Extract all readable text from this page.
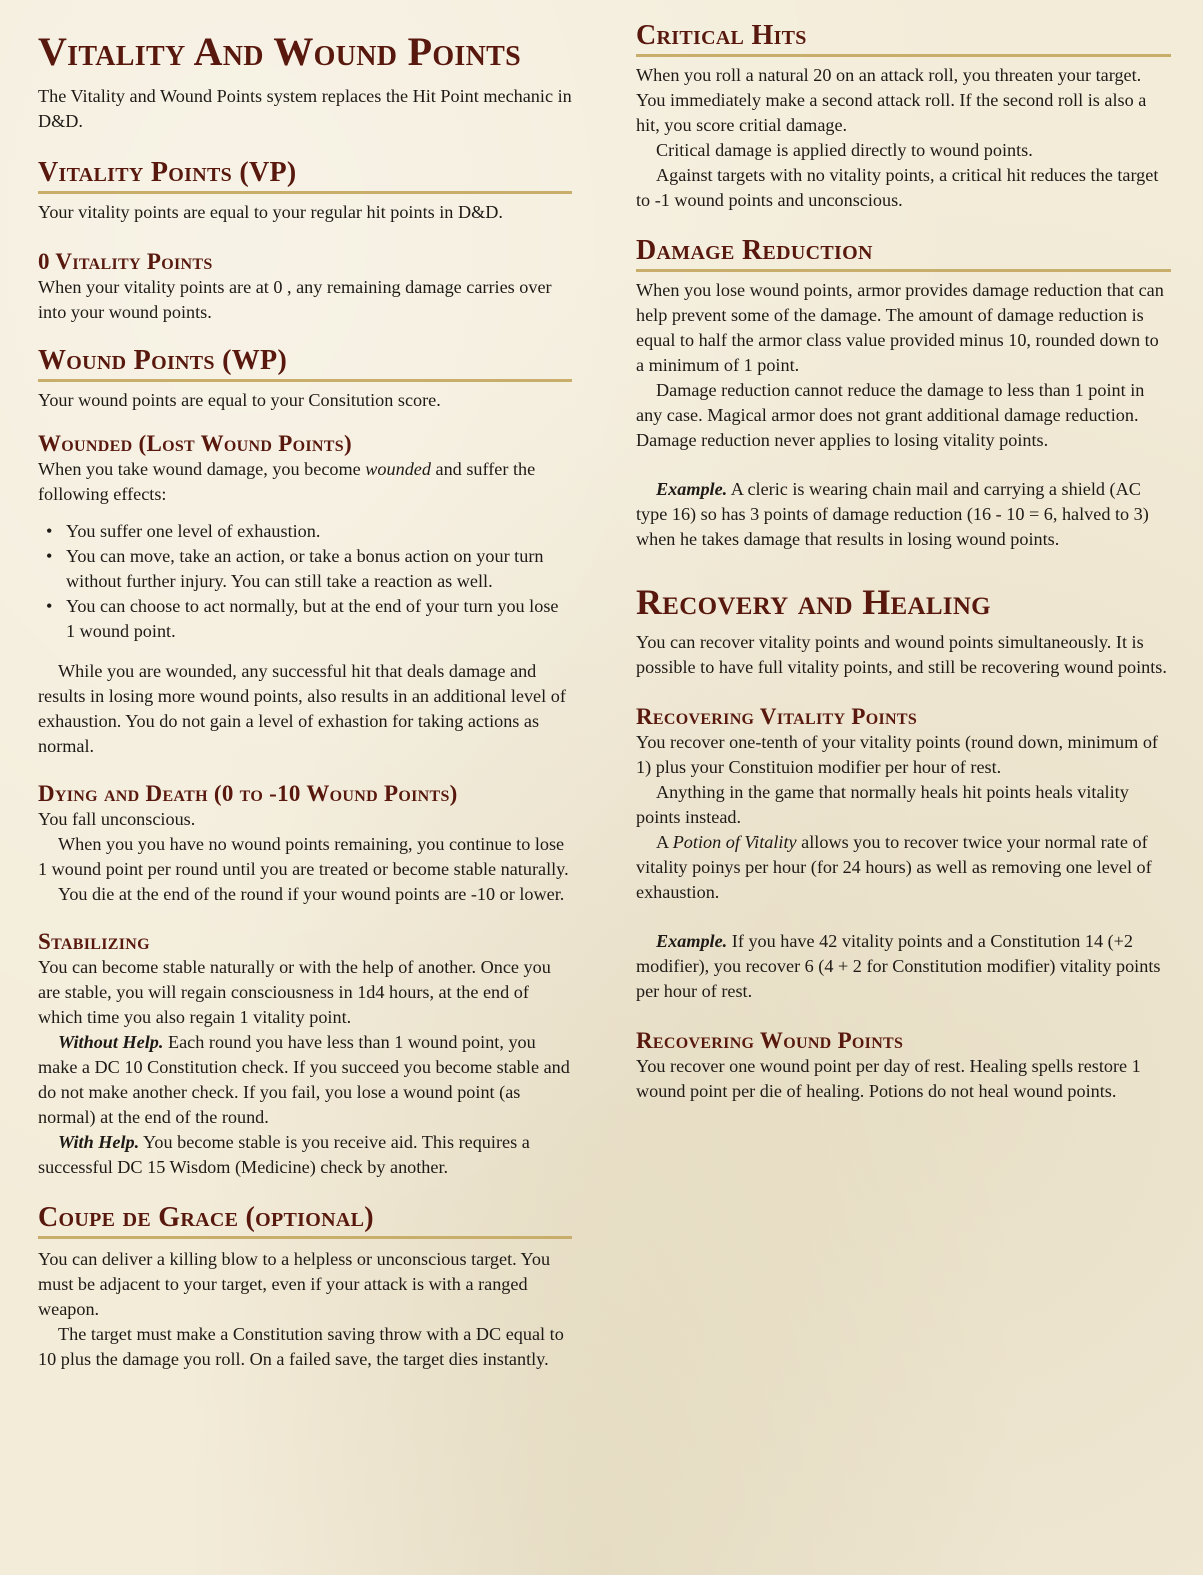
Vitality And Wound Points

The Vitality and Wound Points system replaces the Hit Point mechanic in D&D.

Vitality Points (VP)

Your vitality points are equal to your regular hit points in D&D.

0 Vitality Points

When your vitality points are at 0 , any remaining damage carries over into your wound points.

Wound Points (WP)

Your wound points are equal to your Consitution score.

Wounded (Lost Wound Points)

When you take wound damage, you become wounded and suffer the following effects:

• You suffer one level of exhaustion.
• You can move, take an action, or take a bonus action on your turn without further injury. You can still take a reaction as well.
• You can choose to act normally, but at the end of your turn you lose 1 wound point.

While you are wounded, any successful hit that deals damage and results in losing more wound points, also results in an additional level of exhaustion. You do not gain a level of exhastion for taking actions as normal.

Dying and Death (0 to -10 Wound Points)

You fall unconscious.

When you you have no wound points remaining, you continue to lose 1 wound point per round until you are treated or become stable naturally.

You die at the end of the round if your wound points are -10 or lower.

Stabilizing

You can become stable naturally or with the help of another. Once you are stable, you will regain consciousness in 1d4 hours, at the end of which time you also regain 1 vitality point.

Without Help. Each round you have less than 1 wound point, you make a DC 10 Constitution check. If you succeed you become stable and do not make another check. If you fail, you lose a wound point (as normal) at the end of the round.

With Help. You become stable is you receive aid. This requires a successful DC 15 Wisdom (Medicine) check by another.

Coupe de Grace (optional)

You can deliver a killing blow to a helpless or unconscious target. You must be adjacent to your target, even if your attack is with a ranged weapon.

The target must make a Constitution saving throw with a DC equal to 10 plus the damage you roll. On a failed save, the target dies instantly.

Critical Hits

When you roll a natural 20 on an attack roll, you threaten your target. You immediately make a second attack roll. If the second roll is also a hit, you score critial damage.

Critical damage is applied directly to wound points.

Against targets with no vitality points, a critical hit reduces the target to -1 wound points and unconscious.

Damage Reduction

When you lose wound points, armor provides damage reduction that can help prevent some of the damage. The amount of damage reduction is equal to half the armor class value provided minus 10, rounded down to a minimum of 1 point.

Damage reduction cannot reduce the damage to less than 1 point in any case. Magical armor does not grant additional damage reduction. Damage reduction never applies to losing vitality points.

Example. A cleric is wearing chain mail and carrying a shield (AC type 16) so has 3 points of damage reduction (16 - 10 = 6, halved to 3) when he takes damage that results in losing wound points.

Recovery and Healing

You can recover vitality points and wound points simultaneously. It is possible to have full vitality points, and still be recovering wound points.

Recovering Vitality Points

You recover one-tenth of your vitality points (round down, minimum of 1) plus your Constituion modifier per hour of rest.

Anything in the game that normally heals hit points heals vitality points instead.

A Potion of Vitality allows you to recover twice your normal rate of vitality poinys per hour (for 24 hours) as well as removing one level of exhaustion.

Example. If you have 42 vitality points and a Constitution 14 (+2 modifier), you recover 6 (4 + 2 for Constitution modifier) vitality points per hour of rest.

Recovering Wound Points

You recover one wound point per day of rest. Healing spells restore 1 wound point per die of healing. Potions do not heal wound points.
